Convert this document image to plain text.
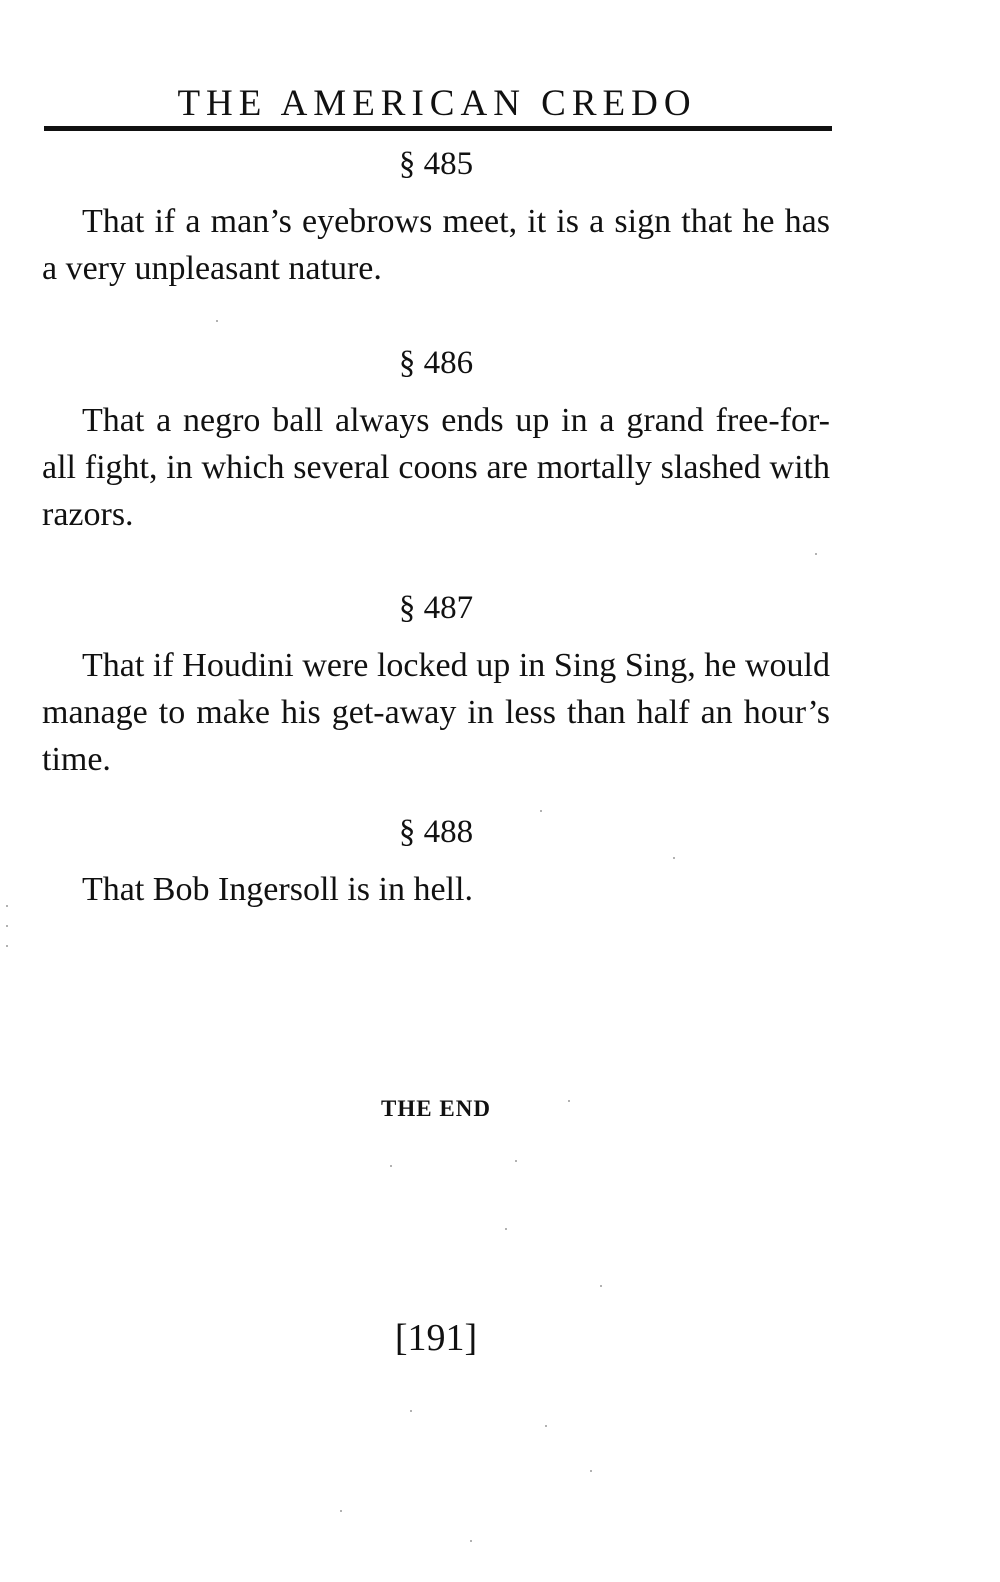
THE AMERICAN CREDO
§ 485

That if a man’s eyebrows meet, it is a sign that he has a very unpleasant nature.

§ 486

That a negro ball always ends up in a grand free-for-all fight, in which several coons are mortally slashed with razors.

§ 487

That if Houdini were locked up in Sing Sing, he would manage to make his get-away in less than half an hour’s time.

§ 488

That Bob Ingersoll is in hell.

THE END
[191]
